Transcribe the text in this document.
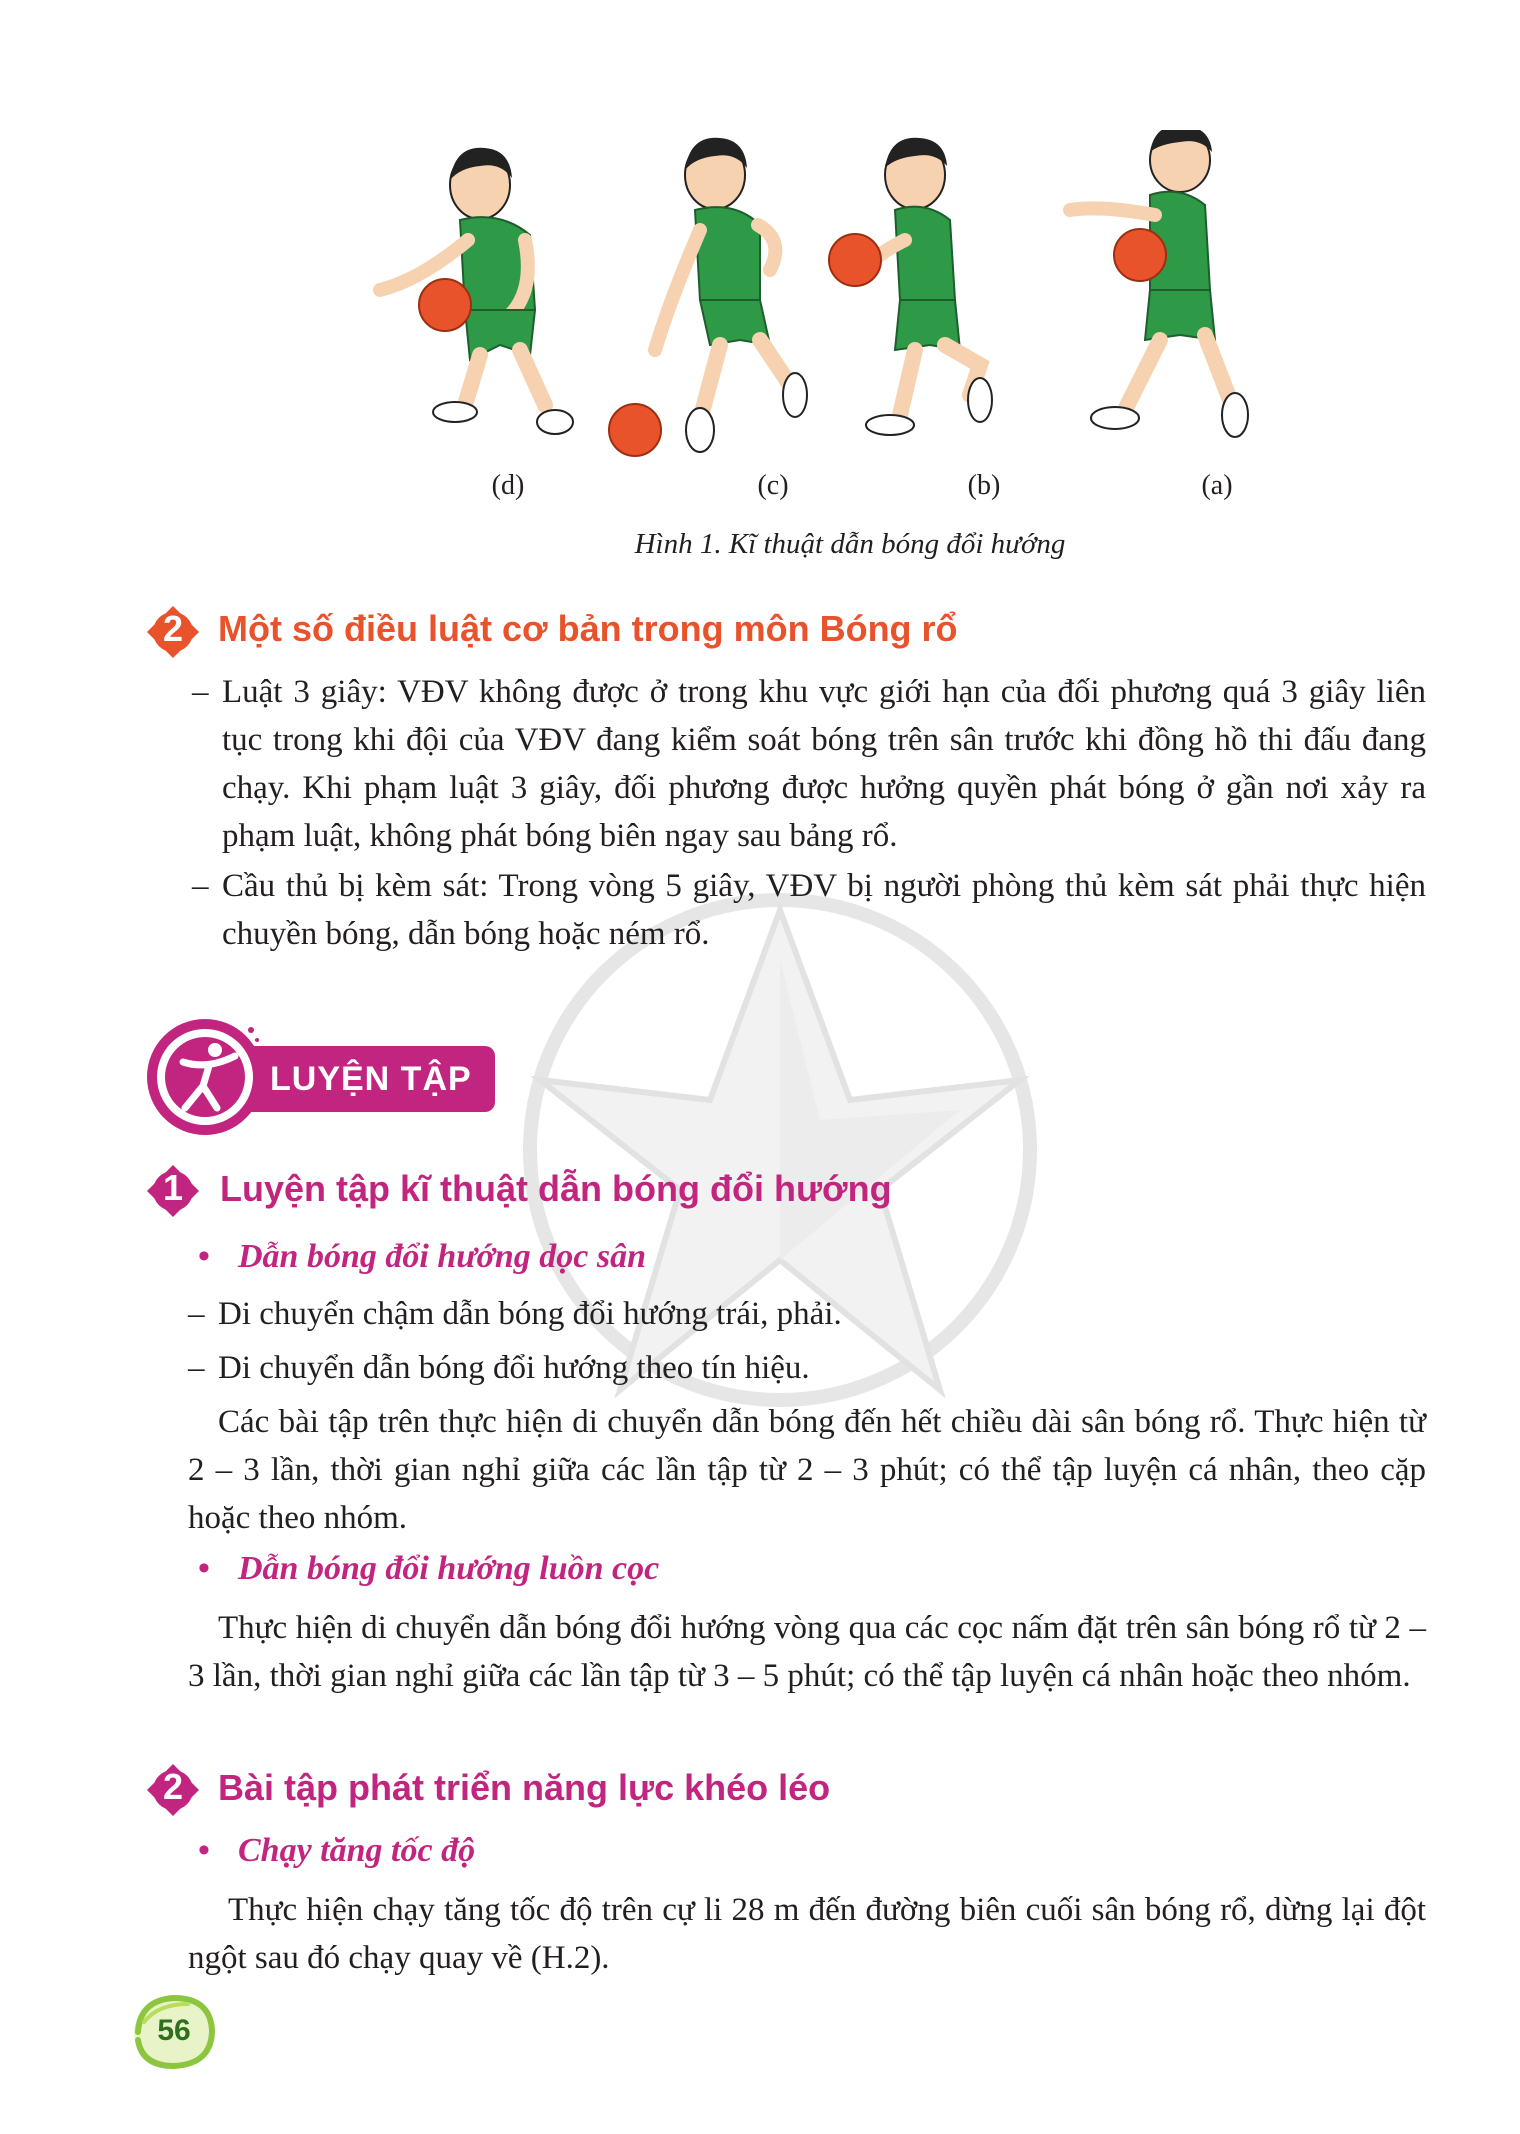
(d)	(c)	(b)	(a)
Hình 1. Kĩ thuật dẫn bóng đổi hướng
2 Một số điều luật cơ bản trong môn Bóng rổ
– Luật 3 giây: VĐV không được ở trong khu vực giới hạn của đối phương quá 3 giây liên tục trong khi đội của VĐV đang kiểm soát bóng trên sân trước khi đồng hồ thi đấu đang chạy. Khi phạm luật 3 giây, đối phương được hưởng quyền phát bóng ở gần nơi xảy ra phạm luật, không phát bóng biên ngay sau bảng rổ.
– Cầu thủ bị kèm sát: Trong vòng 5 giây, VĐV bị người phòng thủ kèm sát phải thực hiện chuyền bóng, dẫn bóng hoặc ném rổ.
LUYỆN TẬP
1	Luyện tập kĩ thuật dẫn bóng đổi hướng
• Dẫn bóng đổi hướng dọc sân
– Di chuyển chậm dẫn bóng đổi hướng trái, phải.
– Di chuyển dẫn bóng đổi hướng theo tín hiệu.
Các bài tập trên thực hiện di chuyển dẫn bóng đến hết chiều dài sân bóng rổ. Thực hiện từ 2 – 3 lần, thời gian nghỉ giữa các lần tập từ 2 – 3 phút; có thể tập luyện cá nhân, theo cặp hoặc theo nhóm.
• Dẫn bóng đổi hướng luồn cọc
Thực hiện di chuyển dẫn bóng đổi hướng vòng qua các cọc nấm đặt trên sân bóng rổ từ 2 – 3 lần, thời gian nghỉ giữa các lần tập từ 3 – 5 phút; có thể tập luyện cá nhân hoặc theo nhóm.
2 Bài tập phát triển năng lực khéo léo
• Chạy tăng tốc độ
Thực hiện chạy tăng tốc độ trên cự li 28 m đến đường biên cuối sân bóng rổ, dừng lại đột ngột sau đó chạy quay về (H.2).
56
